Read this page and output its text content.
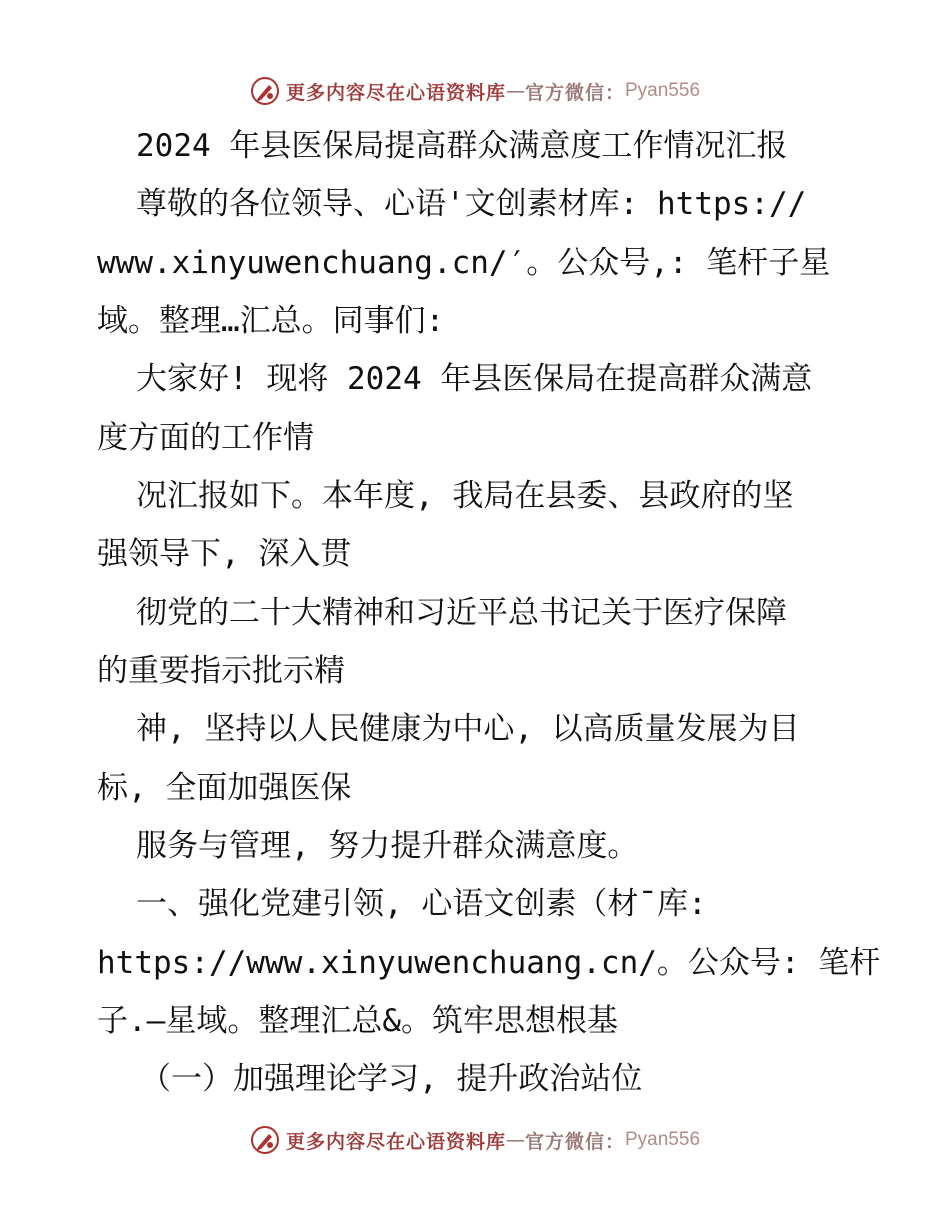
更多内容尽在心语资料库 — 官方微信： Pyan556
2024 年县医保局提高群众满意度工作情况汇报
尊敬的各位领导、心语'文创素材库: https://
www.xinyuwenchuang.cn/′。公众号,: 笔杆子星
域。整理…汇总。同事们:
大家好! 现将 2024 年县医保局在提高群众满意
度方面的工作情
况汇报如下。本年度, 我局在县委、县政府的坚
强领导下, 深入贯
彻党的二十大精神和习近平总书记关于医疗保障
的重要指示批示精
神, 坚持以人民健康为中心, 以高质量发展为目
标, 全面加强医保
服务与管理, 努力提升群众满意度。
一、强化党建引领, 心语文创素（材¯库:
https://www.xinyuwenchuang.cn/。公众号: 笔杆
子.—星域。整理汇总&。筑牢思想根基
（一）加强理论学习, 提升政治站位
更多内容尽在心语资料库 — 官方微信： Pyan556
